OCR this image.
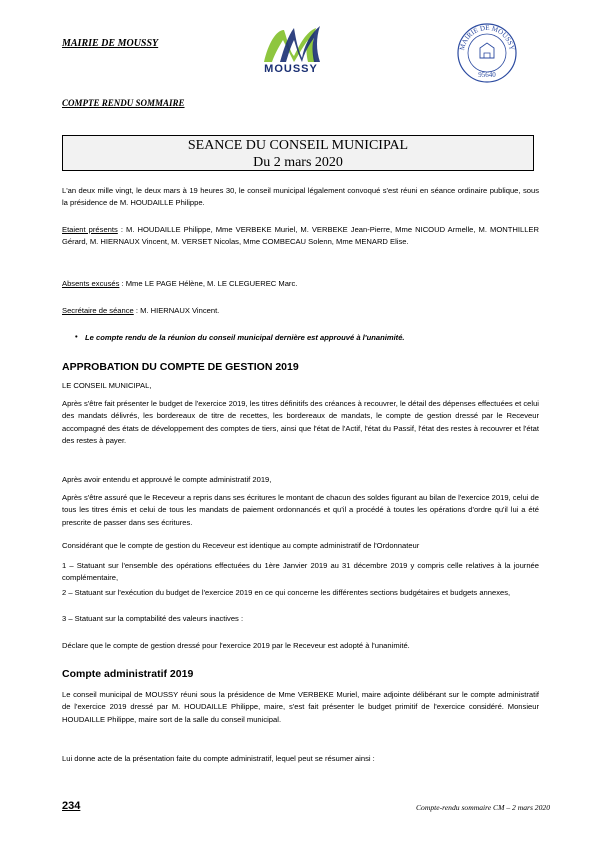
MAIRIE DE MOUSSY
MOUSSY
MAIRIE DE MOUSSY
95640
COMPTE RENDU SOMMAIRE
SEANCE DU CONSEIL MUNICIPAL
Du 2 mars 2020
L'an deux mille vingt, le deux mars à 19 heures 30, le conseil municipal légalement convoqué s'est réuni en séance ordinaire publique, sous la présidence de M. HOUDAILLE Philippe.
Etaient présents : M. HOUDAILLE Philippe, Mme VERBEKE Muriel, M. VERBEKE Jean-Pierre, Mme NICOUD Armelle, M. MONTHILLER Gérard, M. HIERNAUX Vincent, M. VERSET Nicolas, Mme COMBECAU Solenn, Mme MENARD Elise.
Absents excusés : Mme LE PAGE Hélène, M. LE CLEGUEREC Marc.
Secrétaire de séance : M. HIERNAUX Vincent.
• Le compte rendu de la réunion du conseil municipal dernière est approuvé à l'unanimité.
APPROBATION DU COMPTE DE GESTION 2019
LE CONSEIL MUNICIPAL,
Après s'être fait présenter le budget de l'exercice 2019, les titres définitifs des créances à recouvrer, le détail des dépenses effectuées et celui des mandats délivrés, les bordereaux de titre de recettes, les bordereaux de mandats, le compte de gestion dressé par le Receveur accompagné des états de développement des comptes de tiers, ainsi que l'état de l'Actif, l'état du Passif, l'état des restes à recouvrer et l'état des restes à payer.
Après avoir entendu et approuvé le compte administratif 2019,
Après s'être assuré que le Receveur a repris dans ses écritures le montant de chacun des soldes figurant au bilan de l'exercice 2019, celui de tous les titres émis et celui de tous les mandats de paiement ordonnancés et qu'il a procédé à toutes les opérations d'ordre qu'il lui a été prescrite de passer dans ses écritures.
Considérant que le compte de gestion du Receveur est identique au compte administratif de l'Ordonnateur
1 – Statuant sur l'ensemble des opérations effectuées du 1ère Janvier 2019 au 31 décembre 2019 y compris celle relatives à la journée complémentaire,
2 – Statuant sur l'exécution du budget de l'exercice 2019 en ce qui concerne les différentes sections budgétaires et budgets annexes,
3 – Statuant sur la comptabilité des valeurs inactives :
Déclare que le compte de gestion dressé pour l'exercice 2019 par le Receveur est adopté à l'unanimité.
Compte administratif 2019
Le conseil municipal de MOUSSY réuni sous la présidence de Mme VERBEKE Muriel, maire adjointe délibérant sur le compte administratif de l'exercice 2019 dressé par M. HOUDAILLE Philippe, maire, s'est fait présenter le budget primitif de l'exercice considéré. Monsieur HOUDAILLE Philippe, maire sort de la salle du conseil municipal.
Lui donne acte de la présentation faite du compte administratif, lequel peut se résumer ainsi :
234	Compte-rendu sommaire CM – 2 mars 2020
